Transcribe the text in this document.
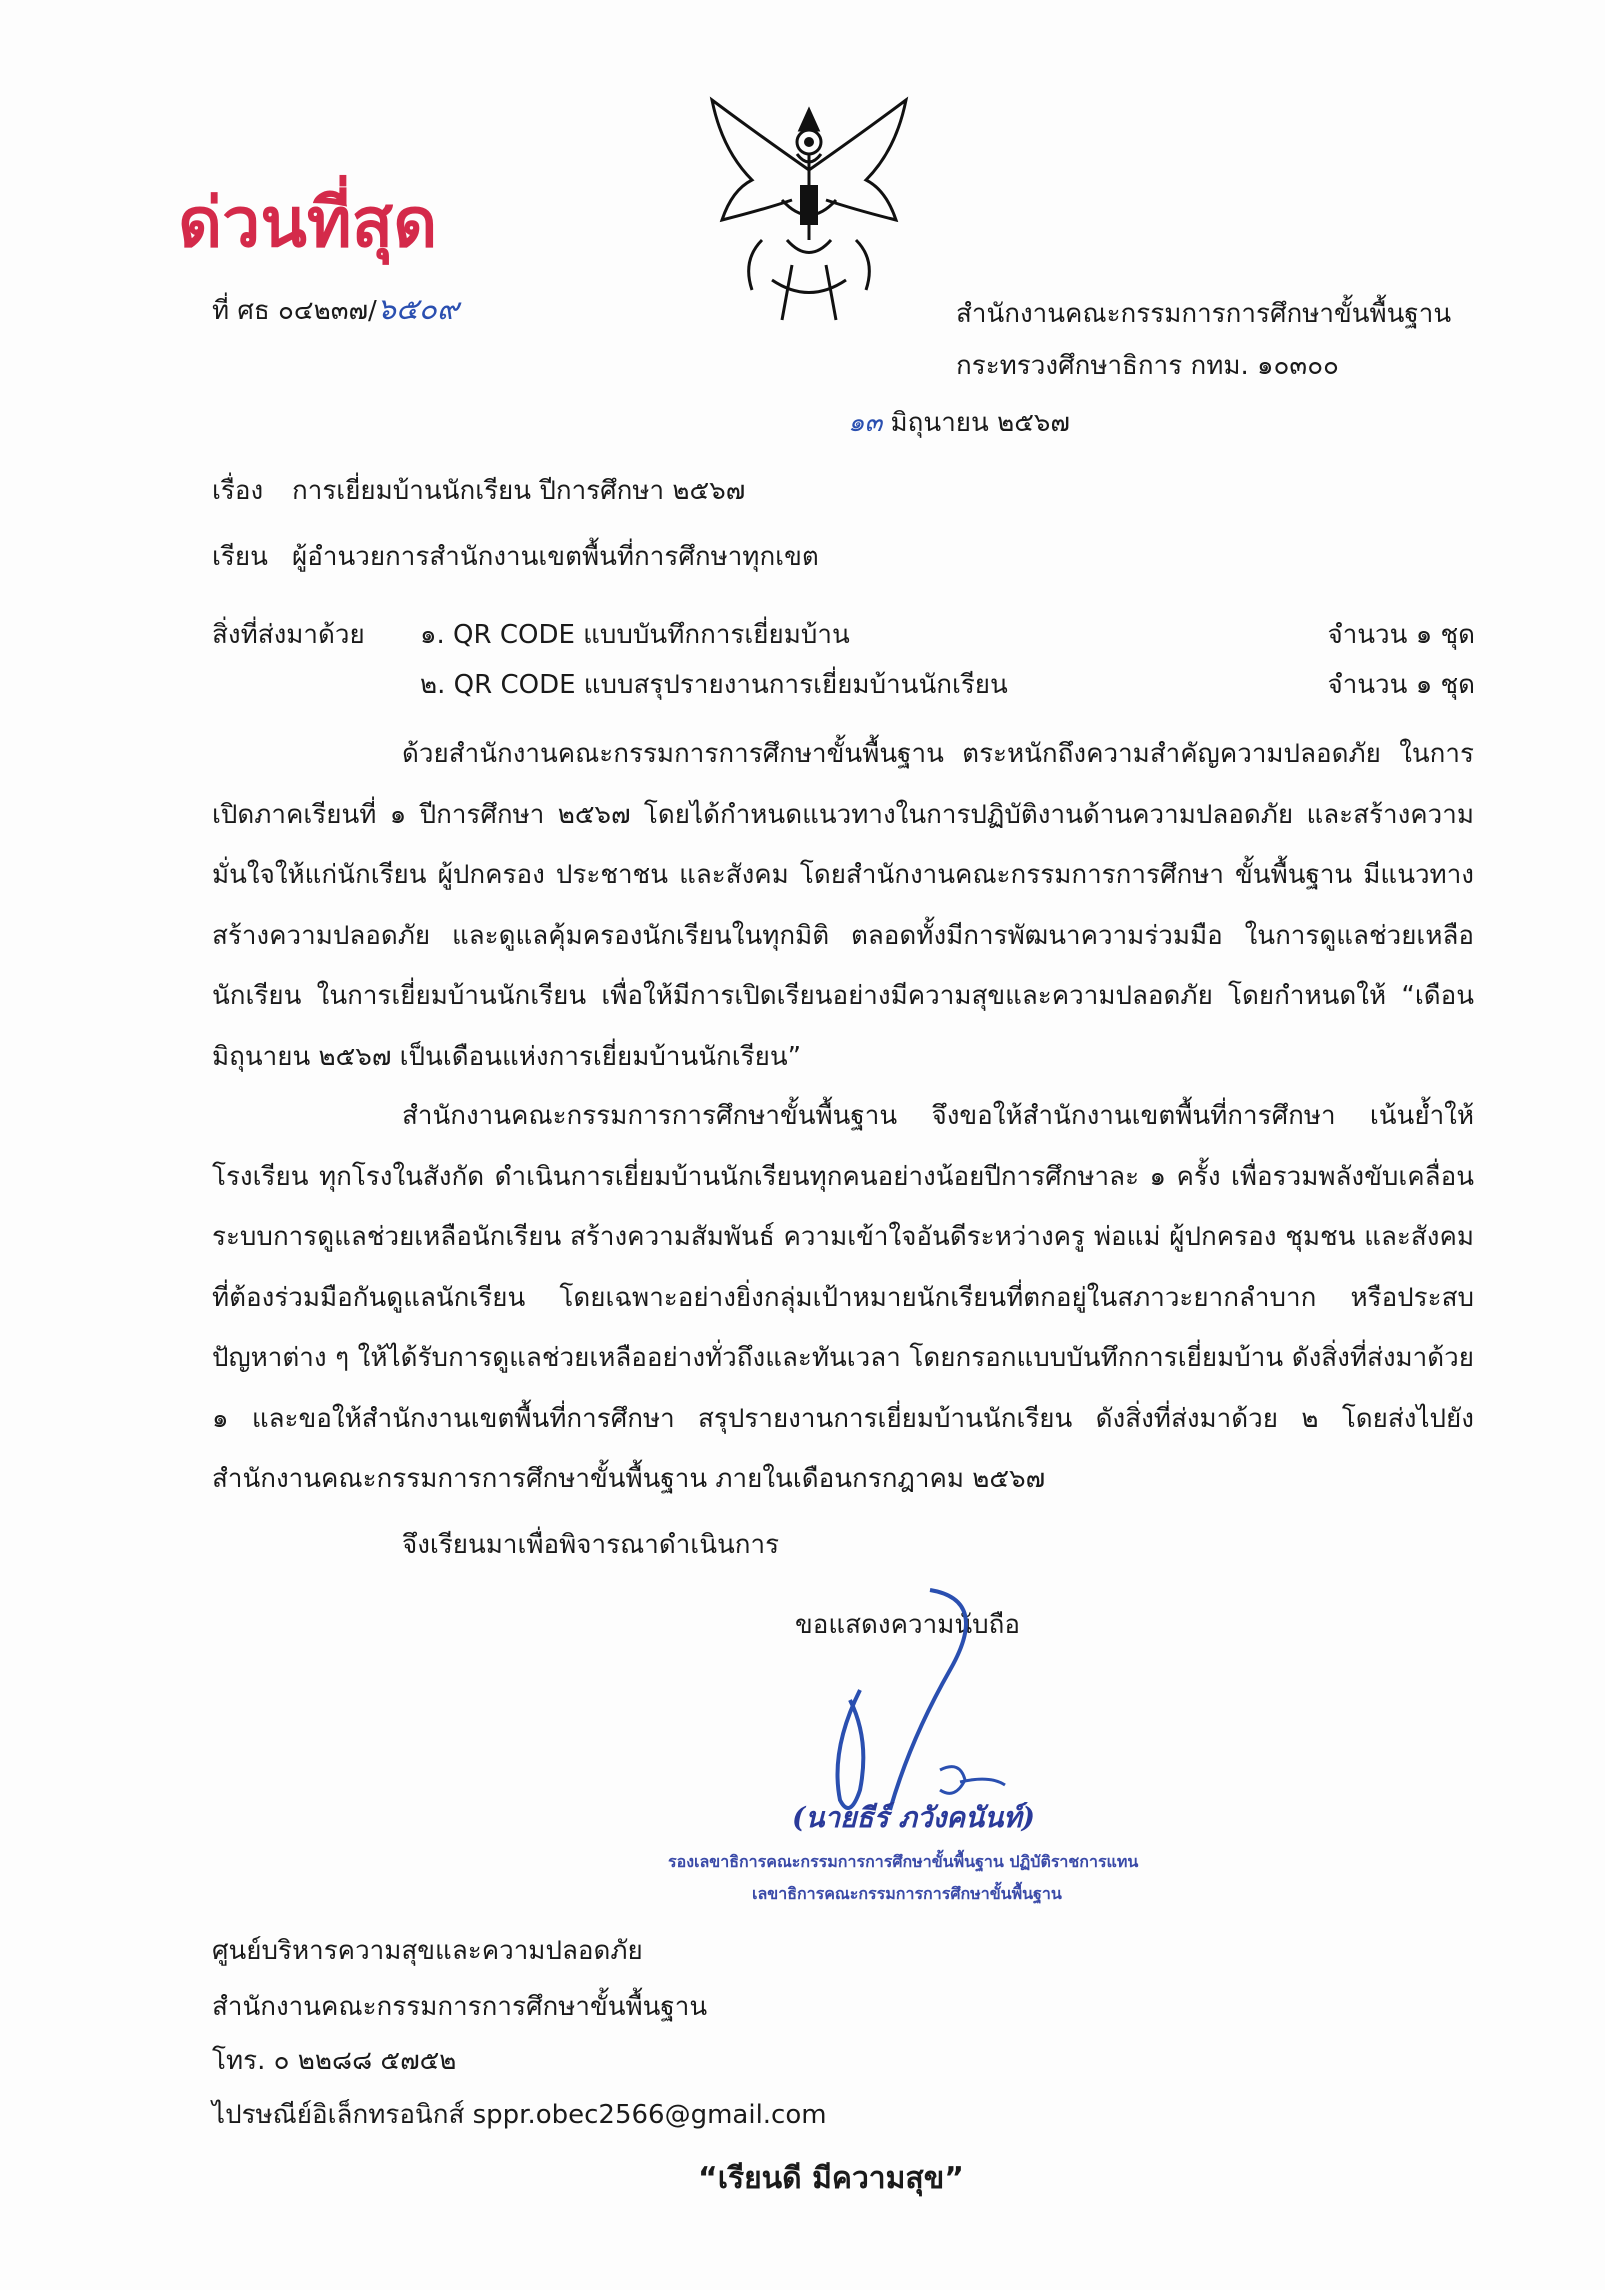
ด่วนที่สุด
ที่ ศธ ๐๔๒๓๗/๖๕๐๙	สำนักงานคณะกรรมการการศึกษาขั้นพื้นฐาน
กระทรวงศึกษาธิการ กทม. ๑๐๓๐๐
๑๓ มิถุนายน ๒๕๖๗
เรื่อง การเยี่ยมบ้านนักเรียน ปีการศึกษา ๒๕๖๗
เรียน ผู้อำนวยการสำนักงานเขตพื้นที่การศึกษาทุกเขต
สิ่งที่ส่งมาด้วย ๑. QR CODE แบบบันทึกการเยี่ยมบ้าน	จำนวน ๑ ชุด
๒. QR CODE แบบสรุปรายงานการเยี่ยมบ้านนักเรียน	จำนวน ๑ ชุด
ด้วยสำนักงานคณะกรรมการการศึกษาขั้นพื้นฐาน ตระหนักถึงความสำคัญความปลอดภัย ในการเปิดภาคเรียนที่ ๑ ปีการศึกษา ๒๕๖๗ โดยได้กำหนดแนวทางในการปฏิบัติงานด้านความปลอดภัย และสร้างความมั่นใจให้แก่นักเรียน ผู้ปกครอง ประชาชน และสังคม โดยสำนักงานคณะกรรมการการศึกษา ขั้นพื้นฐาน มีแนวทางสร้างความปลอดภัย และดูแลคุ้มครองนักเรียนในทุกมิติ ตลอดทั้งมีการพัฒนาความร่วมมือ ในการดูแลช่วยเหลือนักเรียน ในการเยี่ยมบ้านนักเรียน เพื่อให้มีการเปิดเรียนอย่างมีความสุขและความปลอดภัย โดยกำหนดให้ “เดือนมิถุนายน ๒๕๖๗ เป็นเดือนแห่งการเยี่ยมบ้านนักเรียน”
สำนักงานคณะกรรมการการศึกษาขั้นพื้นฐาน จึงขอให้สำนักงานเขตพื้นที่การศึกษา เน้นย้ำให้โรงเรียน ทุกโรงในสังกัด ดำเนินการเยี่ยมบ้านนักเรียนทุกคนอย่างน้อยปีการศึกษาละ ๑ ครั้ง เพื่อรวมพลังขับเคลื่อน ระบบการดูแลช่วยเหลือนักเรียน สร้างความสัมพันธ์ ความเข้าใจอันดีระหว่างครู พ่อแม่ ผู้ปกครอง ชุมชน และสังคม ที่ต้องร่วมมือกันดูแลนักเรียน โดยเฉพาะอย่างยิ่งกลุ่มเป้าหมายนักเรียนที่ตกอยู่ในสภาวะยากลำบาก หรือประสบปัญหาต่าง ๆ ให้ได้รับการดูแลช่วยเหลืออย่างทั่วถึงและทันเวลา โดยกรอกแบบบันทึกการเยี่ยมบ้าน ดังสิ่งที่ส่งมาด้วย ๑ และขอให้สำนักงานเขตพื้นที่การศึกษา สรุปรายงานการเยี่ยมบ้านนักเรียน ดังสิ่งที่ส่งมาด้วย ๒ โดยส่งไปยังสำนักงานคณะกรรมการการศึกษาขั้นพื้นฐาน ภายในเดือนกรกฎาคม ๒๕๖๗
จึงเรียนมาเพื่อพิจารณาดำเนินการ
ขอแสดงความนับถือ
(นายธีร์ ภวังคนันท์)
รองเลขาธิการคณะกรรมการการศึกษาขั้นพื้นฐาน ปฏิบัติราชการแทน
เลขาธิการคณะกรรมการการศึกษาขั้นพื้นฐาน
ศูนย์บริหารความสุขและความปลอดภัย
สำนักงานคณะกรรมการการศึกษาขั้นพื้นฐาน
โทร. ๐ ๒๒๘๘ ๕๗๕๒
ไปรษณีย์อิเล็กทรอนิกส์ sppr.obec2566@gmail.com
“เรียนดี มีความสุข”
